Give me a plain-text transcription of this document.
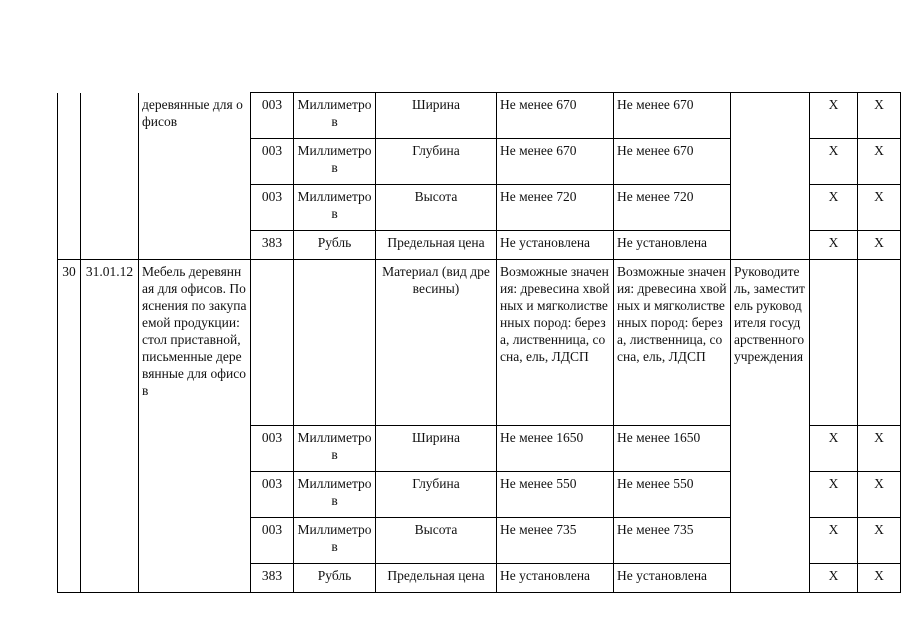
		деревянные для офисов	003	Миллиметров	Ширина	Не менее 670	Не менее 670		X	X
			003	Миллиметров	Глубина	Не менее 670	Не менее 670		X	X
			003	Миллиметров	Высота	Не менее 720	Не менее 720		X	X
			383	Рубль	Предельная цена	Не установлена	Не установлена		X	X
30	31.01.12	Мебель деревянная для офисов. Пояснения по закупаемой продукции: стол приставной, письменные деревянные для офисов			Материал (вид древесины)	Возможные значения: древесина хвойных и мягколиственных пород: береза, лиственница, сосна, ель, ЛДСП	Возможные значения: древесина хвойных и мягколиственных пород: береза, лиственница, сосна, ель, ЛДСП	Руководитель, заместитель руководителя государственного учреждения		
			003	Миллиметров	Ширина	Не менее 1650	Не менее 1650		X	X
			003	Миллиметров	Глубина	Не менее 550	Не менее 550		X	X
			003	Миллиметров	Высота	Не менее 735	Не менее 735		X	X
			383	Рубль	Предельная цена	Не установлена	Не установлена		X	X
